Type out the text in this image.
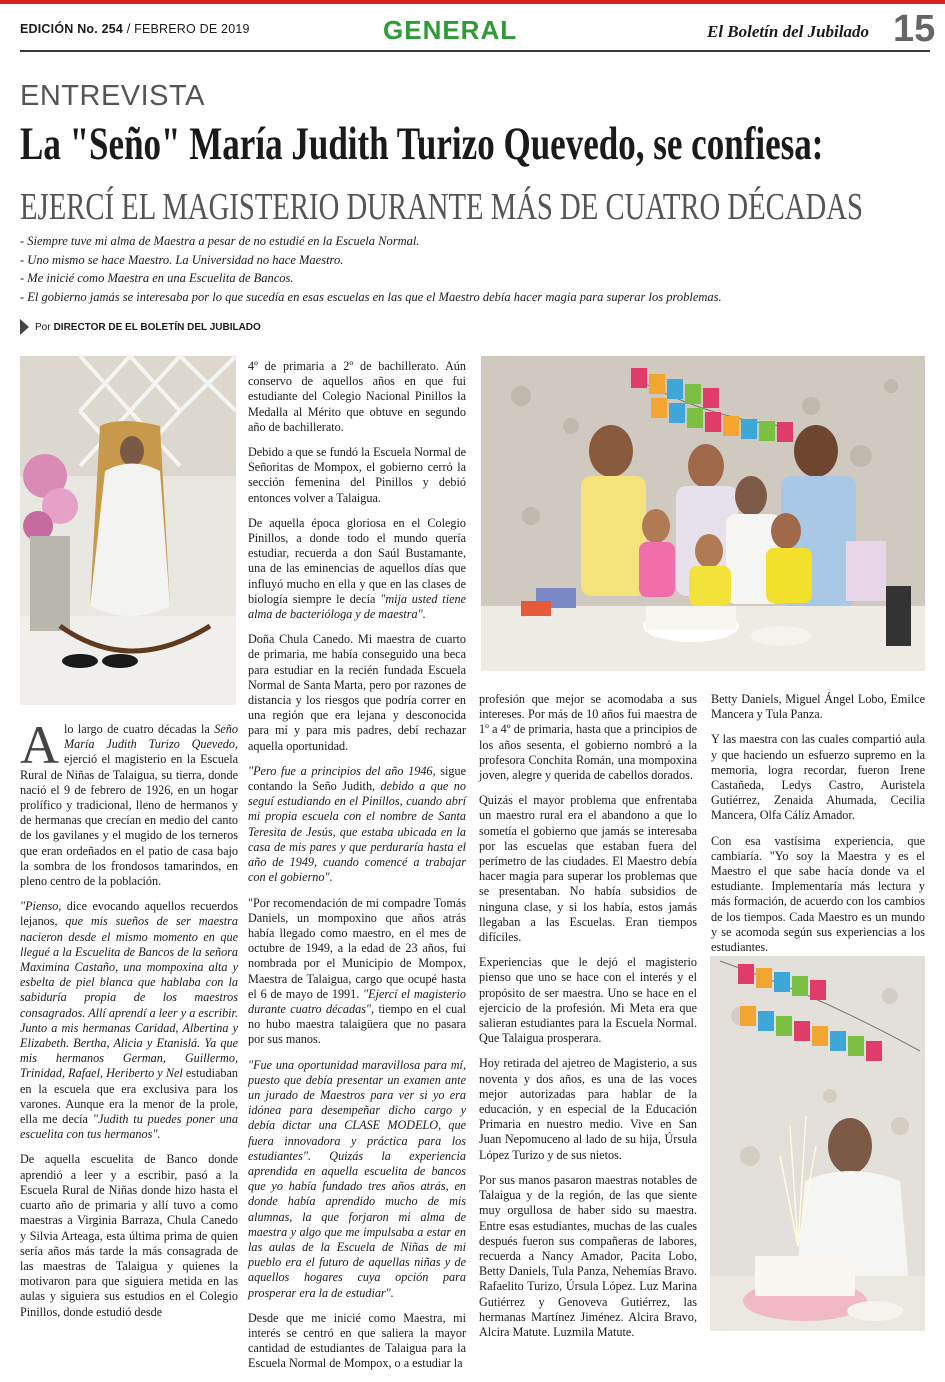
EDICIÓN No. 254 / FEBRERO DE 2019	GENERAL	El Boletín del Jubilado 15
ENTREVISTA
La "Seño" María Judith Turizo Quevedo, se confiesa:
EJERCÍ EL MAGISTERIO DURANTE MÁS DE CUATRO DÉCADAS
- Siempre tuve mi alma de Maestra a pesar de no estudié en la Escuela Normal.
- Uno mismo se hace Maestro. La Universidad no hace Maestro.
- Me inicié como Maestra en una Escuelita de Bancos.
- El gobierno jamás se interesaba por lo que sucedía en esas escuelas en las que el Maestro debía hacer magia para superar los problemas.
Por DIRECTOR DE EL BOLETÍN DEL JUBILADO

Alo largo de cuatro décadas la Seño María Judith Turizo Quevedo, ejerció el magisterio en la Escuela Rural de Niñas de Talaigua, su tierra, donde nació el 9 de febrero de 1926, en un hogar prolífico y tradicional, lleno de hermanos y de hermanas que crecían en medio del canto de los gavilanes y el mugido de los terneros que eran ordeñados en el patio de casa bajo la sombra de los frondosos tamarindos, en pleno centro de la población.

"Pienso, dice evocando aquellos recuerdos lejanos, que mis sueños de ser maestra nacieron desde el mismo momento en que llegué a la Escuelita de Bancos de la señora Maximina Castaño, una mompoxina alta y esbelta de piel blanca que hablaba con la sabiduría propia de los maestros consagrados. Allí aprendí a leer y a escribir. Junto a mis hermanas Caridad, Albertina y Elizabeth. Bertha, Alicia y Etanislá. Ya que mis hermanos German, Guillermo, Trinidad, Rafael, Heriberto y Nel estudiaban en la escuela que era exclusiva para los varones. Aunque era la menor de la prole, ella me decía "Judith tu puedes poner una escuelita con tus hermanos".

De aquella escuelita de Banco donde aprendió a leer y a escribir, pasó a la Escuela Rural de Niñas donde hizo hasta el cuarto año de primaria y allí tuvo a como maestras a Virginia Barraza, Chula Canedo y Silvia Arteaga, esta última prima de quien sería años más tarde la más consagrada de las maestras de Talaigua y quienes la motivaron para que siguiera metida en las aulas y siguiera sus estudios en el Colegio Pinillos, donde estudió desde

4º de primaria a 2º de bachillerato. Aún conservo de aquellos años en que fui estudiante del Colegio Nacional Pinillos la Medalla al Mérito que obtuve en segundo año de bachillerato.

Debido a que se fundó la Escuela Normal de Señoritas de Mompox, el gobierno cerró la sección femenina del Pinillos y debió entonces volver a Talaigua.

De aquella época gloriosa en el Colegio Pinillos, a donde todo el mundo quería estudiar, recuerda a don Saúl Bustamante, una de las eminencias de aquellos días que influyó mucho en ella y que en las clases de biología siempre le decía "mija usted tiene alma de bacterióloga y de maestra".

Doña Chula Canedo. Mi maestra de cuarto de primaria, me había conseguido una beca para estudiar en la recién fundada Escuela Normal de Santa Marta, pero por razones de distancia y los riesgos que podría correr en una región que era lejana y desconocida para mí y para mis padres, debí rechazar aquella oportunidad.

"Pero fue a principios del año 1946, sigue contando la Seño Judith, debido a que no seguí estudiando en el Pinillos, cuando abrí mi propia escuela con el nombre de Santa Teresita de Jesús, que estaba ubicada en la casa de mis pares y que perduraría hasta el año de 1949, cuando comencé a trabajar con el gobierno".

"Por recomendación de mi compadre Tomás Daniels, un mompoxino que años atrás había llegado como maestro, en el mes de octubre de 1949, a la edad de 23 años, fui nombrada por el Municipio de Mompox, Maestra de Talaigua, cargo que ocupé hasta el 6 de mayo de 1991. "Ejercí el magisterio durante cuatro décadas", tiempo en el cual no hubo maestra talaigüera que no pasara por sus manos.

"Fue una oportunidad maravillosa para mí, puesto que debía presentar un examen ante un jurado de Maestros para ver si yo era idónea para desempeñar dicho cargo y debía dictar una CLASE MODELO, que fuera innovadora y práctica para los estudiantes". Quizás la experiencia aprendida en aquella escuelita de bancos que yo había fundado tres años atrás, en donde había aprendido mucho de mis alumnas, la que forjaron mi alma de maestra y algo que me impulsaba a estar en las aulas de la Escuela de Niñas de mi pueblo era el futuro de aquellas niñas y de aquellos hogares cuya opción para prosperar era la de estudiar".

Desde que me inicié como Maestra, mi interés se centró en que saliera la mayor cantidad de estudiantes de Talaigua para la Escuela Normal de Mompox, o a estudiar la

profesión que mejor se acomodaba a sus intereses. Por más de 10 años fui maestra de 1º a 4º de primaria, hasta que a principios de los años sesenta, el gobierno nombró a la profesora Conchita Román, una mompoxina joven, alegre y querida de cabellos dorados.

Quizás el mayor problema que enfrentaba un maestro rural era el abandono a que lo sometía el gobierno que jamás se interesaba por las escuelas que estaban fuera del perímetro de las ciudades. El Maestro debía hacer magia para superar los problemas que se presentaban. No había subsidios de ninguna clase, y si los había, estos jamás llegaban a las Escuelas. Eran tiempos difíciles.

Experiencias que le dejó el magisterio pienso que uno se hace con el interés y el propósito de ser maestra. Uno se hace en el ejercicio de la profesión. Mi Meta era que salieran estudiantes para la Escuela Normal. Que Talaigua prosperara.

Hoy retirada del ajetreo de Magisterio, a sus noventa y dos años, es una de las voces mejor autorizadas para hablar de la educación, y en especial de la Educación Primaria en nuestro medio. Vive en San Juan Nepomuceno al lado de su hija, Úrsula López Turizo y de sus nietos.

Por sus manos pasaron maestras notables de Talaigua y de la región, de las que siente muy orgullosa de haber sido su maestra. Entre esas estudiantes, muchas de las cuales después fueron sus compañeras de labores, recuerda a Nancy Amador, Pacita Lobo, Betty Daniels, Tula Panza, Nehemías Bravo. Rafaelito Turizo, Úrsula López. Luz Marina Gutiérrez y Genoveva Gutiérrez, las hermanas Martínez Jiménez. Alcira Bravo, Alcira Matute. Luzmila Matute.

Betty Daniels, Miguel Ángel Lobo, Emilce Mancera y Tula Panza.

Y las maestra con las cuales compartió aula y que haciendo un esfuerzo supremo en la memoria, logra recordar, fueron Irene Castañeda, Ledys Castro, Auristela Gutiérrez, Zenaida Ahumada, Cecilia Mancera, Olfa Cáliz Amador.

Con esa vastísima experiencia, que cambiaría. "Yo soy la Maestra y es el Maestro el que sabe hacía donde va el estudiante. Implementaría más lectura y más formación, de acuerdo con los cambios de los tiempos. Cada Maestro es un mundo y se acomoda según sus experiencias a los estudiantes.
